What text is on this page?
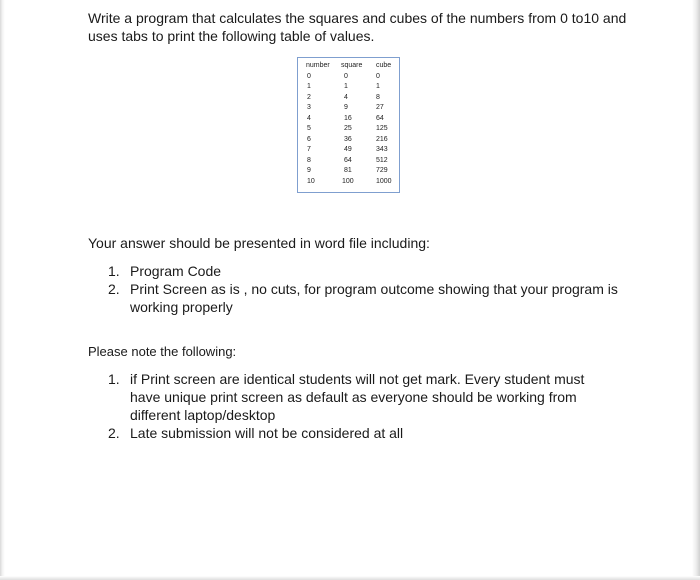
Write a program that calculates the squares and cubes of the numbers from 0 to10 and uses tabs to print the following table of values.
number square cube
0	0	0
1	1	1
2	4	8
3	9	27
4	16	64
5	25	125
6	36	216
7	49	343
8	64	512
9	81	729
10	100	1000
Your answer should be presented in word file including:
1. Program Code
2. Print Screen as is , no cuts, for program outcome showing that your program is working properly
Please note the following:
1. if Print screen are identical students will not get mark. Every student must have unique print screen as default as everyone should be working from different laptop/desktop
2. Late submission will not be considered at all
